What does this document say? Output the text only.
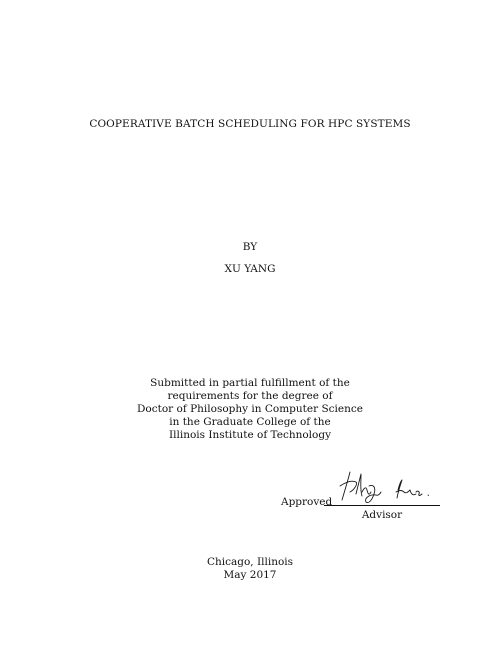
COOPERATIVE BATCH SCHEDULING FOR HPC SYSTEMS
BY
XU YANG
Submitted in partial fulfillment of the
requirements for the degree of
Doctor of Philosophy in Computer Science
in the Graduate College of the
Illinois Institute of Technology
Approved
Advisor
Chicago, Illinois
May 2017
